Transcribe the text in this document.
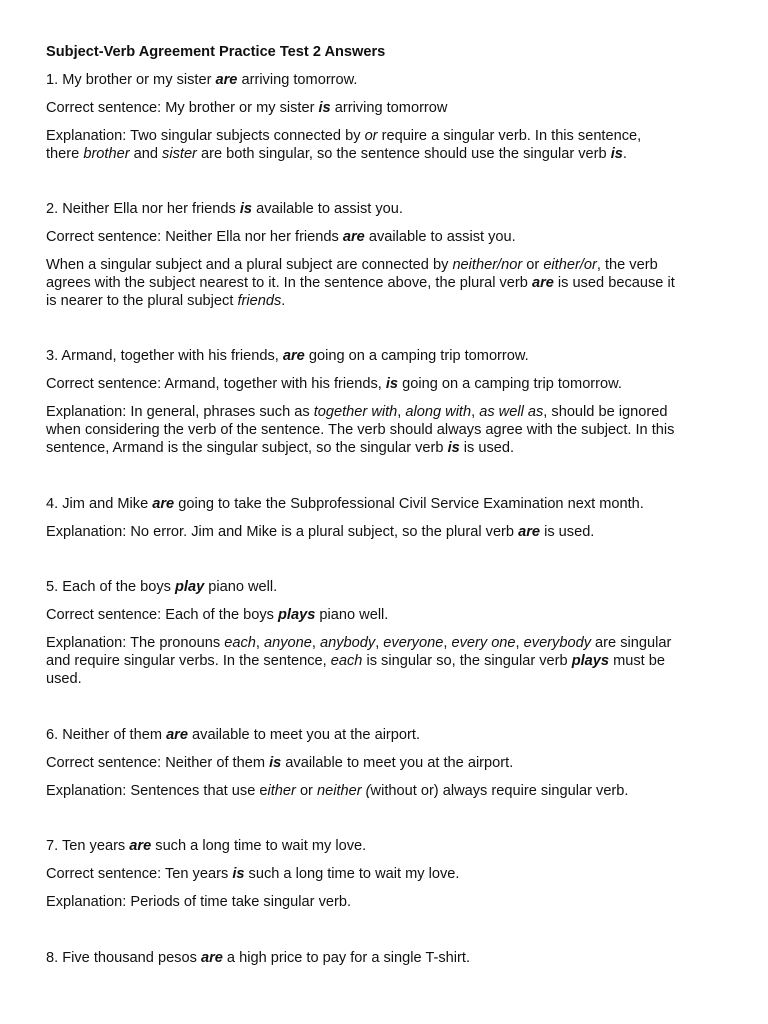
Subject-Verb Agreement Practice Test 2 Answers
1. My brother or my sister are arriving tomorrow.
Correct sentence: My brother or my sister is arriving tomorrow
Explanation: Two singular subjects connected by or require a singular verb. In this sentence,
there brother and sister are both singular, so the sentence should use the singular verb is.
2. Neither Ella nor her friends is available to assist you.
Correct sentence: Neither Ella nor her friends are available to assist you.
When a singular subject and a plural subject are connected by neither/nor or either/or, the verb
agrees with the subject nearest to it. In the sentence above, the plural verb are is used because it
is nearer to the plural subject friends.
3. Armand, together with his friends, are going on a camping trip tomorrow.
Correct sentence: Armand, together with his friends, is going on a camping trip tomorrow.
Explanation: In general, phrases such as together with, along with, as well as, should be ignored
when considering the verb of the sentence. The verb should always agree with the subject. In this
sentence, Armand is the singular subject, so the singular verb is is used.
4. Jim and Mike are going to take the Subprofessional Civil Service Examination next month.
Explanation: No error. Jim and Mike is a plural subject, so the plural verb are is used.
5. Each of the boys play piano well.
Correct sentence: Each of the boys plays piano well.
Explanation: The pronouns each, anyone, anybody, everyone, every one, everybody are singular
and require singular verbs. In the sentence, each is singular so, the singular verb plays must be
used.
6. Neither of them are available to meet you at the airport.
Correct sentence: Neither of them is available to meet you at the airport.
Explanation: Sentences that use either or neither (without or) always require singular verb.
7. Ten years are such a long time to wait my love.
Correct sentence: Ten years is such a long time to wait my love.
Explanation: Periods of time take singular verb.
8. Five thousand pesos are a high price to pay for a single T-shirt.
